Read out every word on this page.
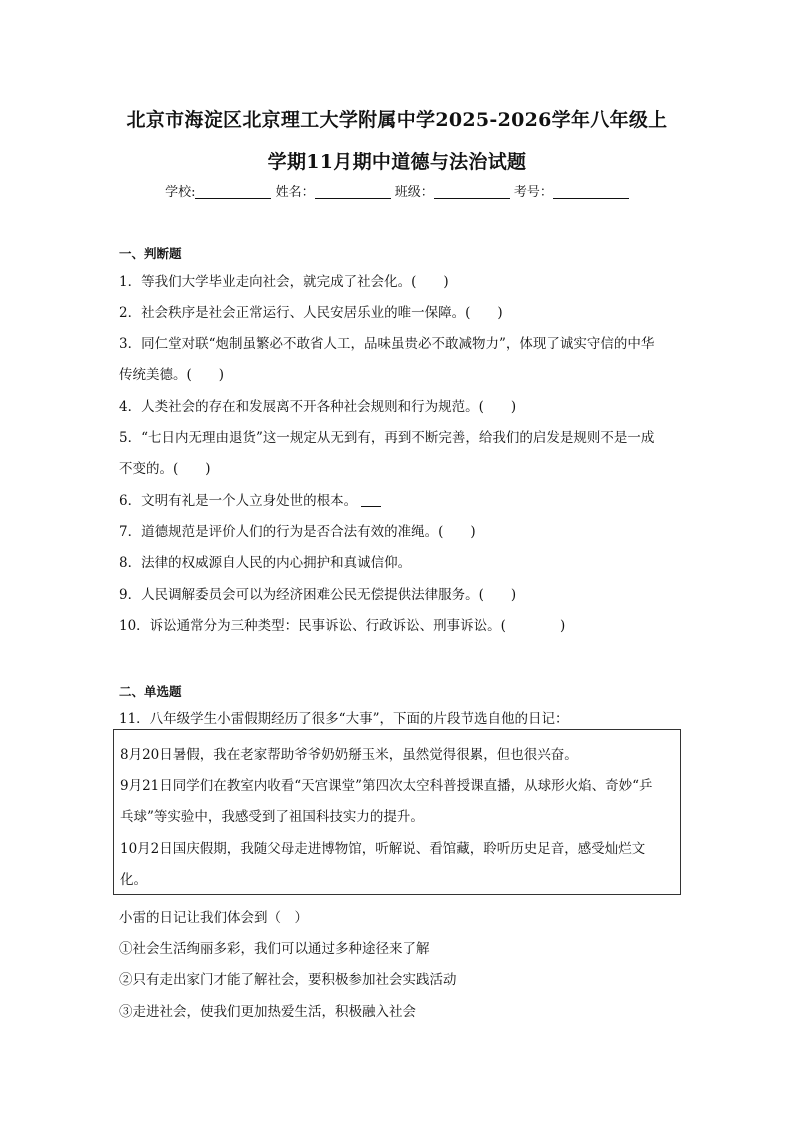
北京市海淀区北京理工大学附属中学2025-2026学年八年级上
学期11月期中道德与法治试题
学校:	姓名：	班级：	考号：
一、判断题
1．等我们大学毕业走向社会，就完成了社会化。(　　)
2．社会秩序是社会正常运行、人民安居乐业的唯一保障。(　　)
3．同仁堂对联“炮制虽繁必不敢省人工，品味虽贵必不敢减物力”，体现了诚实守信的中华
传统美德。(　　)
4．人类社会的存在和发展离不开各种社会规则和行为规范。(　　)
5．“七日内无理由退货”这一规定从无到有，再到不断完善，给我们的启发是规则不是一成
不变的。(　　)
6．文明有礼是一个人立身处世的根本。
7．道德规范是评价人们的行为是否合法有效的准绳。(　　)
8．法律的权威源自人民的内心拥护和真诚信仰。
9．人民调解委员会可以为经济困难公民无偿提供法律服务。(　　)
10．诉讼通常分为三种类型：民事诉讼、行政诉讼、刑事诉讼。(　　　　)
二、单选题
11．八年级学生小雷假期经历了很多“大事”，下面的片段节选自他的日记：
8月20日暑假，我在老家帮助爷爷奶奶掰玉米，虽然觉得很累，但也很兴奋。
9月21日同学们在教室内收看“天宫课堂”第四次太空科普授课直播，从球形火焰、奇妙“乒
乓球”等实验中，我感受到了祖国科技实力的提升。
10月2日国庆假期，我随父母走进博物馆，听解说、看馆藏，聆听历史足音，感受灿烂文
化。
小雷的日记让我们体会到（　）
①社会生活绚丽多彩，我们可以通过多种途径来了解
②只有走出家门才能了解社会，要积极参加社会实践活动
③走进社会，使我们更加热爱生活，积极融入社会
